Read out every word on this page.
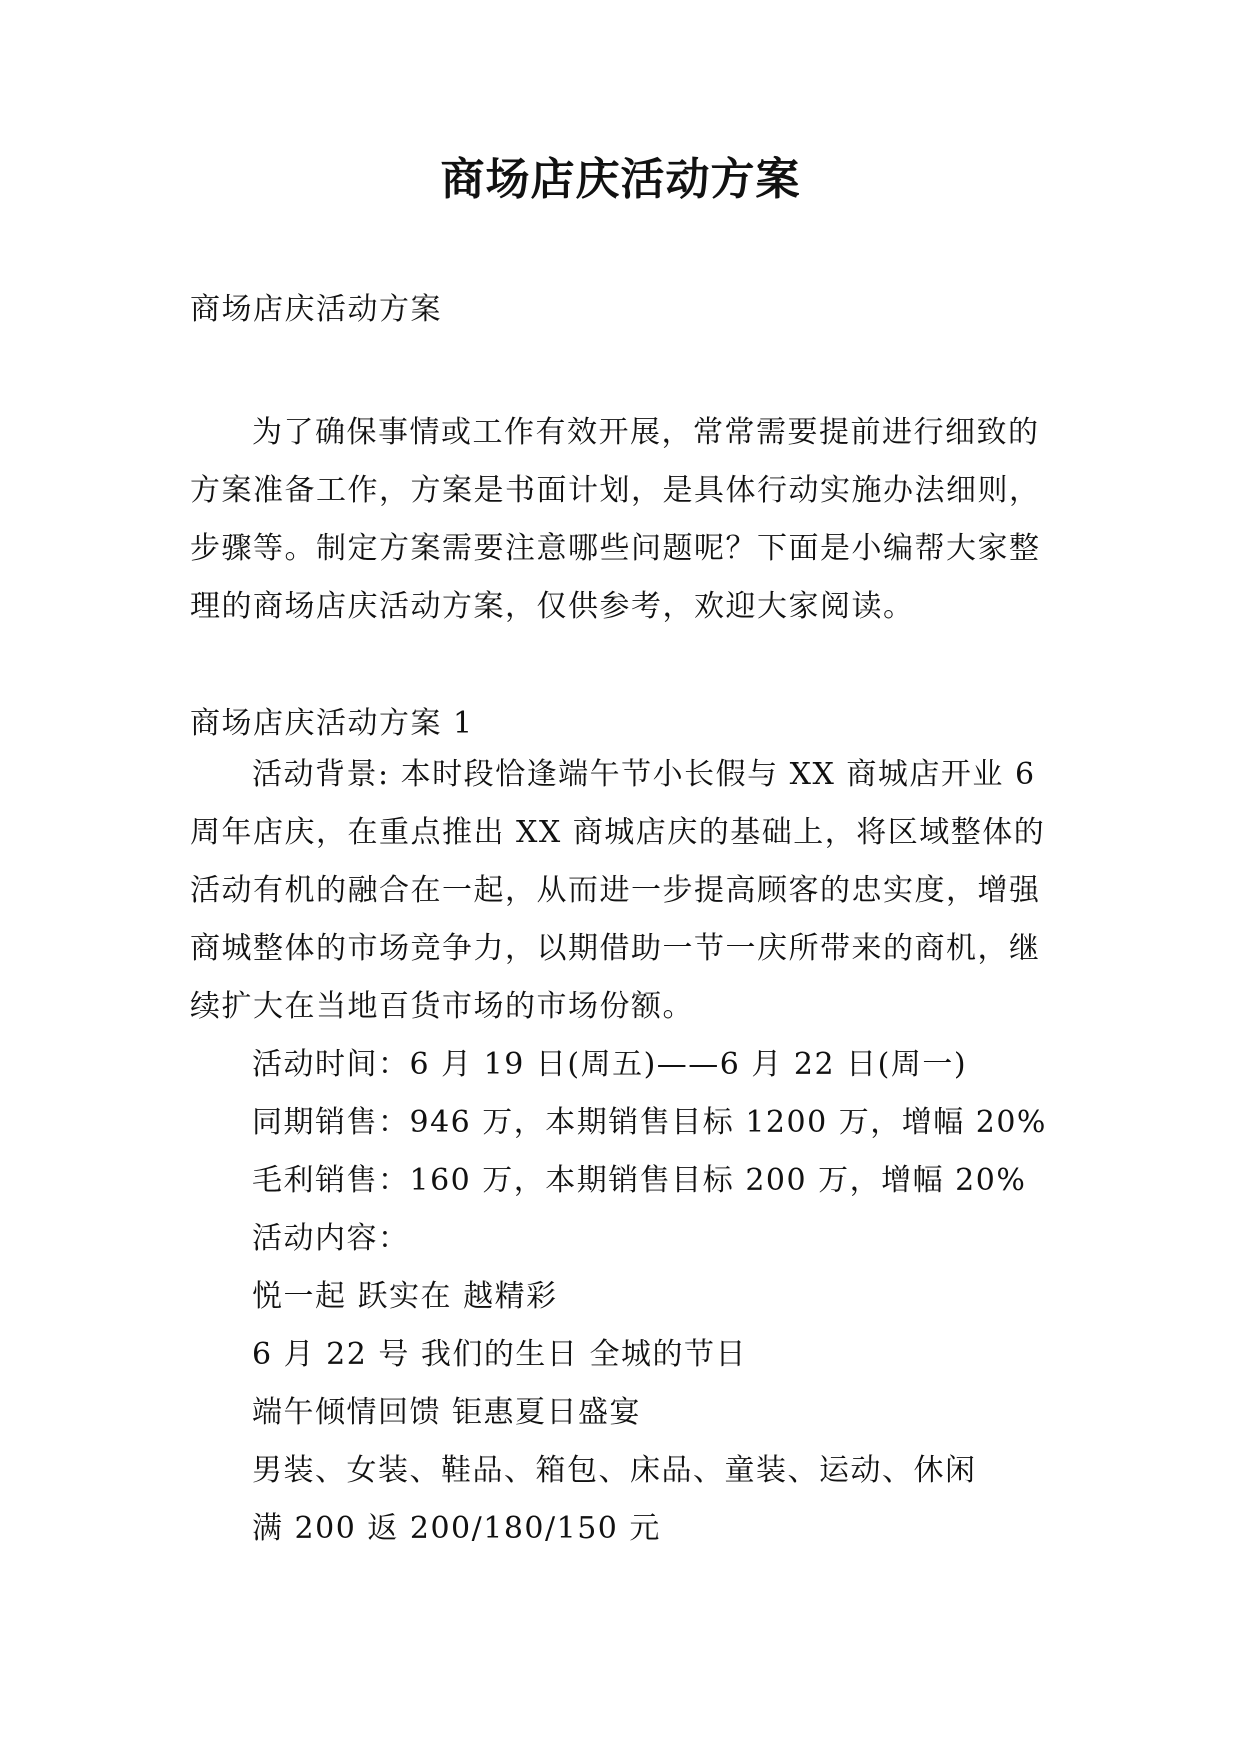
商场店庆活动方案

商场店庆活动方案

为了确保事情或工作有效开展，常常需要提前进行细致的方案准备工作，方案是书面计划，是具体行动实施办法细则，步骤等。制定方案需要注意哪些问题呢？下面是小编帮大家整理的商场店庆活动方案，仅供参考，欢迎大家阅读。

商场店庆活动方案 1

活动背景: 本时段恰逢端午节小长假与 XX 商城店开业 6 周年店庆，在重点推出 XX 商城店庆的基础上，将区域整体的活动有机的融合在一起，从而进一步提高顾客的忠实度，增强商城整体的市场竞争力，以期借助一节一庆所带来的商机，继续扩大在当地百货市场的市场份额。

活动时间：6 月 19 日(周五)——6 月 22 日(周一)

同期销售：946 万，本期销售目标 1200 万，增幅 20%

毛利销售：160 万，本期销售目标 200 万，增幅 20%

活动内容：

悦一起 跃实在 越精彩

6 月 22 号 我们的生日 全城的节日

端午倾情回馈 钜惠夏日盛宴

男装、女装、鞋品、箱包、床品、童装、运动、休闲

满 200 返 200/180/150 元
